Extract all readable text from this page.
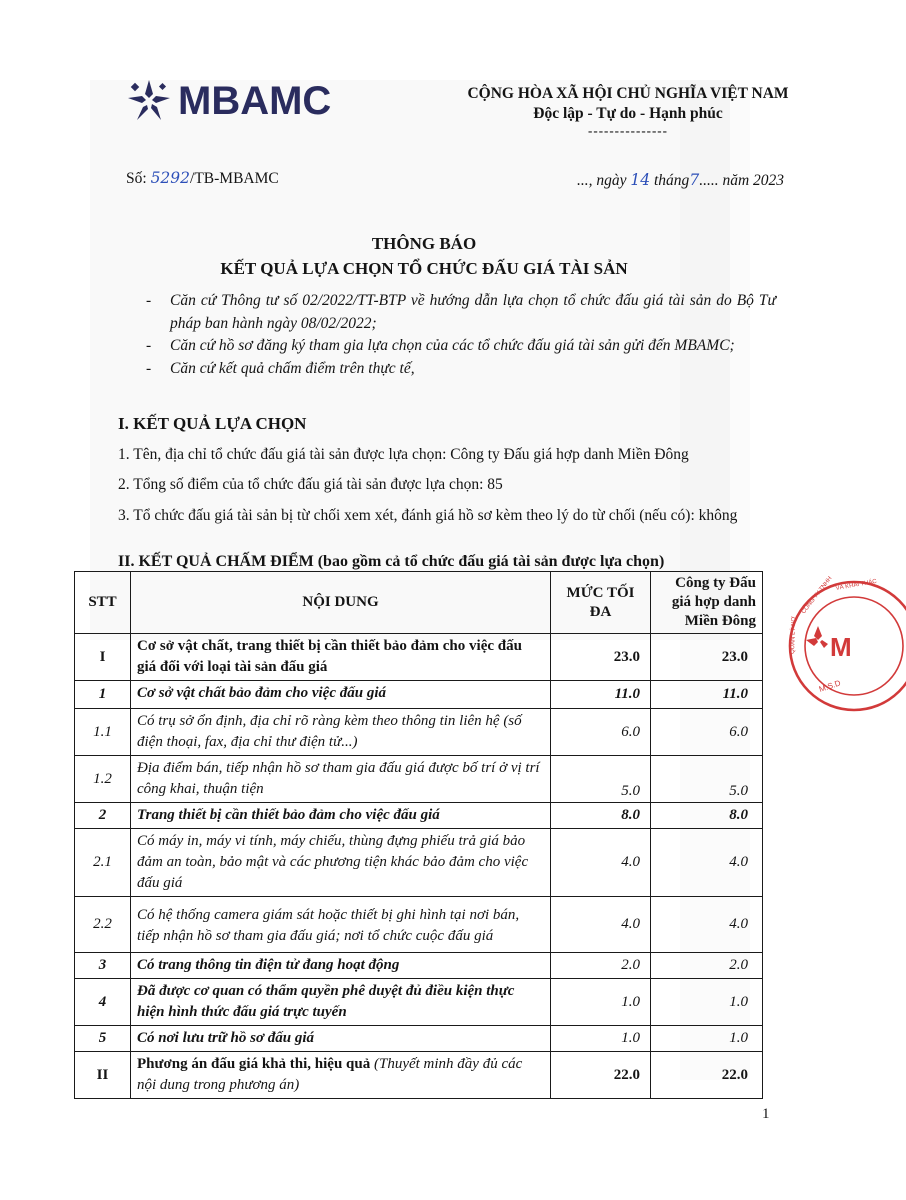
MBAMC	CỘNG HÒA XÃ HỘI CHỦ NGHĨA VIỆT NAM
Độc lập - Tự do - Hạnh phúc
---------------
Số: 5292/TB-MBAMC	..., ngày 14 tháng7..... năm 2023
THÔNG BÁO
KẾT QUẢ LỰA CHỌN TỔ CHỨC ĐẤU GIÁ TÀI SẢN
- Căn cứ Thông tư số 02/2022/TT-BTP về hướng dẫn lựa chọn tổ chức đấu giá tài sản do Bộ Tư pháp ban hành ngày 08/02/2022;
- Căn cứ hồ sơ đăng ký tham gia lựa chọn của các tổ chức đấu giá tài sản gửi đến MBAMC;
- Căn cứ kết quả chấm điểm trên thực tế,
I. KẾT QUẢ LỰA CHỌN
1. Tên, địa chỉ tổ chức đấu giá tài sản được lựa chọn: Công ty Đấu giá hợp danh Miền Đông
2. Tổng số điểm của tổ chức đấu giá tài sản được lựa chọn: 85
3. Tổ chức đấu giá tài sản bị từ chối xem xét, đánh giá hồ sơ kèm theo lý do từ chối (nếu có): không
II. KẾT QUẢ CHẤM ĐIỂM (bao gồm cả tổ chức đấu giá tài sản được lựa chọn)
STT	NỘI DUNG	MỨC TỐI ĐA	Công ty Đấu giá hợp danh Miền Đông
I	Cơ sở vật chất, trang thiết bị cần thiết bảo đảm cho việc đấu giá đối với loại tài sản đấu giá	23.0	23.0
1	Cơ sở vật chất bảo đảm cho việc đấu giá	11.0	11.0
1.1	Có trụ sở ổn định, địa chỉ rõ ràng kèm theo thông tin liên hệ (số điện thoại, fax, địa chỉ thư điện tử...)	6.0	6.0
1.2	Địa điểm bán, tiếp nhận hồ sơ tham gia đấu giá được bố trí ở vị trí công khai, thuận tiện	5.0	5.0
2	Trang thiết bị cần thiết bảo đảm cho việc đấu giá	8.0	8.0
2.1	Có máy in, máy vi tính, máy chiếu, thùng đựng phiếu trả giá bảo đảm an toàn, bảo mật và các phương tiện khác bảo đảm cho việc đấu giá	4.0	4.0
2.2	Có hệ thống camera giám sát hoặc thiết bị ghi hình tại nơi bán, tiếp nhận hồ sơ tham gia đấu giá; nơi tổ chức cuộc đấu giá	4.0	4.0
3	Có trang thông tin điện tử đang hoạt động	2.0	2.0
4	Đã được cơ quan có thẩm quyền phê duyệt đủ điều kiện thực hiện hình thức đấu giá trực tuyến	1.0	1.0
5	Có nơi lưu trữ hồ sơ đấu giá	1.0	1.0
II	Phương án đấu giá khả thi, hiệu quả (Thuyết minh đầy đủ các nội dung trong phương án)	22.0	22.0
1
M
M.S.D
CÔNG TY TNHH
QUẢN LÝ NỢ
VÀ KHAI THÁC
